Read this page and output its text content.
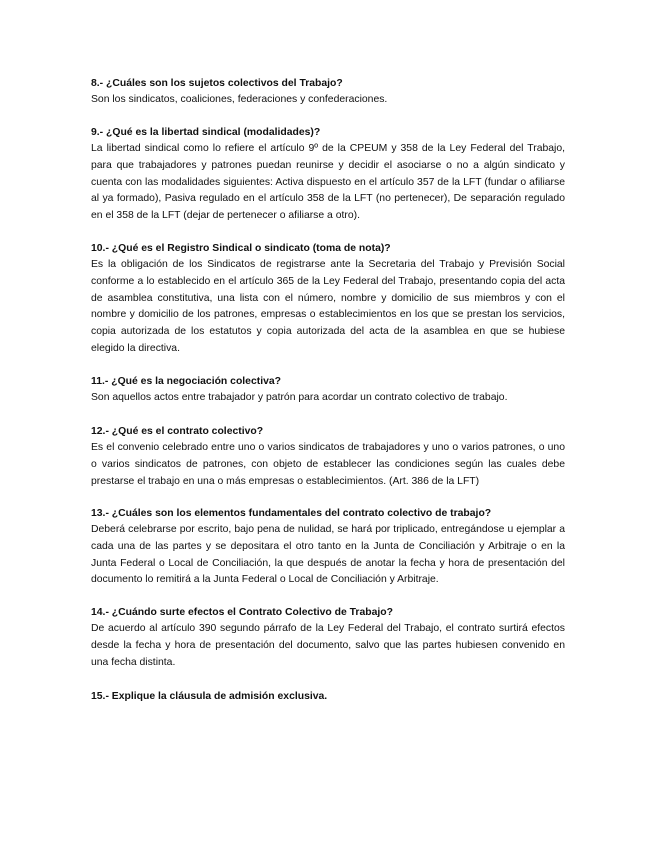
8.- ¿Cuáles son los sujetos colectivos del Trabajo?
Son los sindicatos, coaliciones, federaciones y confederaciones.
9.- ¿Qué es la libertad sindical (modalidades)?
La libertad sindical como lo refiere el artículo 9º de la CPEUM y 358 de la Ley Federal del Trabajo, para que trabajadores y patrones puedan reunirse y decidir el asociarse o no a algún sindicato y cuenta con las modalidades siguientes: Activa dispuesto en el artículo 357 de la LFT (fundar o afiliarse al ya formado), Pasiva regulado en el artículo 358 de la LFT (no pertenecer), De separación regulado en el 358 de la LFT (dejar de pertenecer o afiliarse a otro).
10.- ¿Qué es el Registro Sindical o sindicato (toma de nota)?
Es la obligación de los Sindicatos de registrarse ante la Secretaria del Trabajo y Previsión Social conforme a lo establecido en el artículo 365 de la Ley Federal del Trabajo, presentando copia del acta de asamblea constitutiva, una lista con el número, nombre y domicilio de sus miembros y con el nombre y domicilio de los patrones, empresas o establecimientos en los que se prestan los servicios, copia autorizada de los estatutos y copia autorizada del acta de la asamblea en que se hubiese elegido la directiva.
11.- ¿Qué es la negociación colectiva?
Son aquellos actos entre trabajador y patrón para acordar un contrato colectivo de trabajo.
12.- ¿Qué es el contrato colectivo?
Es el convenio celebrado entre uno o varios sindicatos de trabajadores y uno o varios patrones, o uno o varios sindicatos de patrones, con objeto de establecer las condiciones según las cuales debe prestarse el trabajo en una o más empresas o establecimientos. (Art. 386 de la LFT)
13.- ¿Cuáles son los elementos fundamentales del contrato colectivo de trabajo?
Deberá celebrarse por escrito, bajo pena de nulidad, se hará por triplicado, entregándose u ejemplar a cada una de las partes y se depositara el otro tanto en la Junta de Conciliación y Arbitraje o en la Junta Federal o Local de Conciliación, la que después de anotar la fecha y hora de presentación del documento lo remitirá a la Junta Federal o Local de Conciliación y Arbitraje.
14.- ¿Cuándo surte efectos el Contrato Colectivo de Trabajo?
De acuerdo al artículo 390 segundo párrafo de la Ley Federal del Trabajo, el contrato surtirá efectos desde la fecha y hora de presentación del documento, salvo que las partes hubiesen convenido en una fecha distinta.
15.- Explique la cláusula de admisión exclusiva.
